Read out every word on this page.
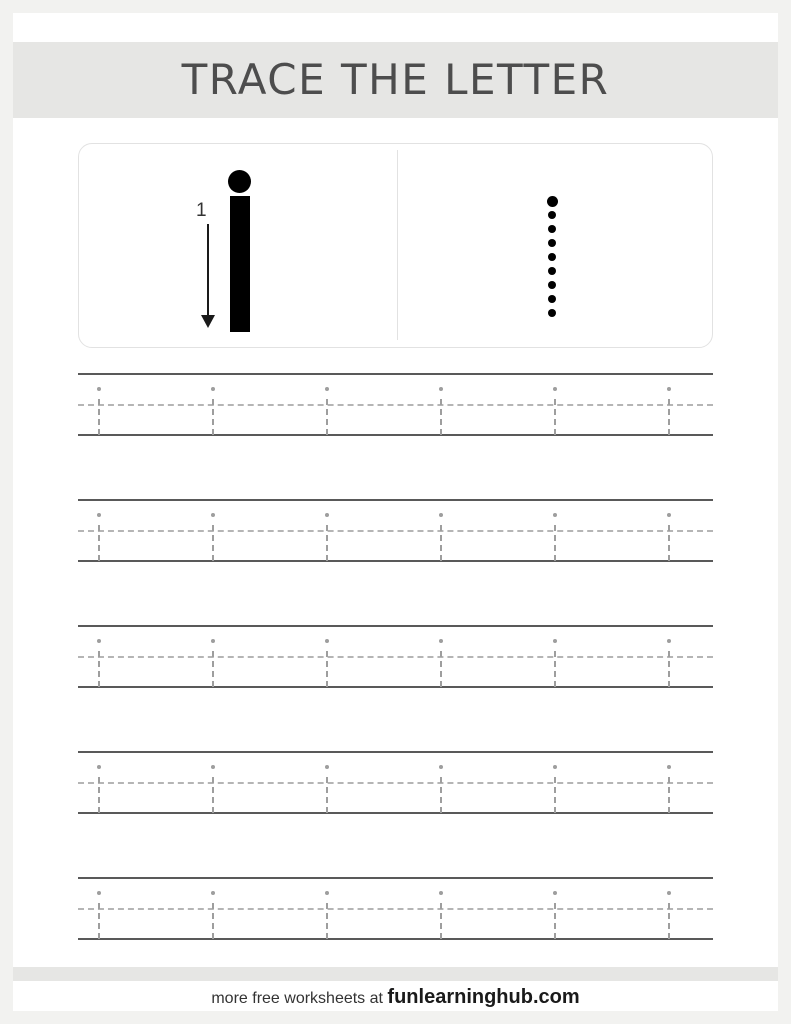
TRACE THE LETTER
1
more free worksheets at funlearninghub.com
